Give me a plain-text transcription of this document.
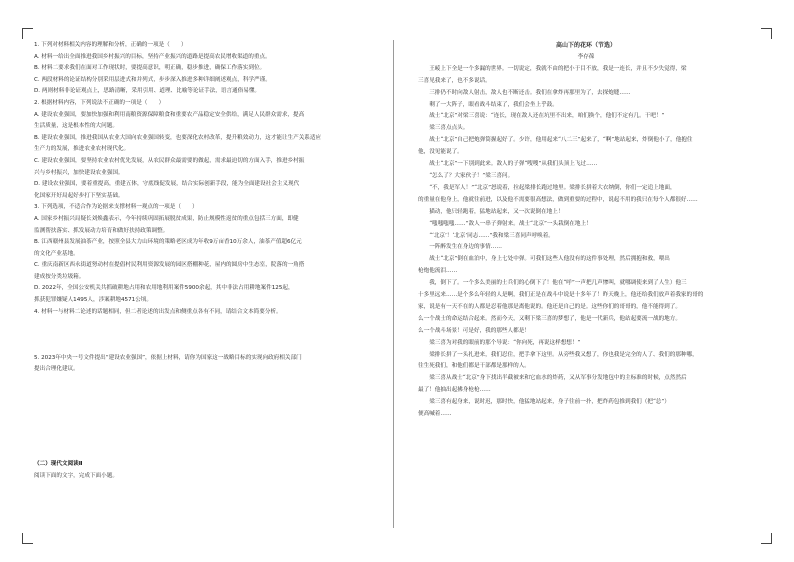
1. 下列对材料相关内容的理解和分析，正确的一项是（　　）
A. 材料一给出全面推进我国乡村振兴的目标，坚持产业振兴的道路是提高农民增收渠道的重点。
B. 材料二要求我们在面对工作现状时，要提高意识，明正确，稳步推进，确保工作落实到位。
C. 两段材料的论证结构分别采用层进式和并列式，步步深入推进多种详细阐述观点，科学严谨。
D. 两则材料非论证观点上，思路清晰，采用引用、道理、比喻等论证手法，语言通俗易懂。
2. 根据材料内容，下列说法不正确的一项是（　　）
A. 建设农业强国，要加快加强和利用南粮资源保障粮食和重要农产品稳定安全供给，满足人民群众需求，提高
生活质量，这是根本性的大问题。
B. 建设农业强国，推进我国从农业大国向农业强国转变，也要深化农村改革，提升粮效动力，这才能让生产关系适应
生产力的发展，推进农业农村现代化。
C. 建设农业强国，要坚持农业农村优先发展，从农民群众最需要的做起，需求最迫切的方面入手，推进乡村振
兴与乡村振兴，加快建设农业强国。
D. 建设农业强国，要着重提高，重建五体，守底线促发展，结合实际创新手段，能为全面建设社会主义现代
化国家开好局起好步打下坚实基础。
3. 下列选项，不适合作为论据来支撑材料一观点的一项是（　　）
A. 国家乡村振兴局疑长刘焕鑫表示，今年持续巩固拓展脱贫成果，防止规模性返贫的重点包括三方面，即健
监测帮扶落实、抓发展动力培育和做好扶持政策调整。
B. 江西赣州县发展油茶产业，按照全县大力山环境的策略老区成为年收9万亩香10万余人，油茶产值超6亿元
的文化产业基地。
C. 重庆南新区西永街道努动村在提倡村民利用资源发展的园区搭棚种花，屋内的圆房中生态室，院落的一角搭
建成按分类垃圾箱。
D. 2022年，全国公安机关共抓破耕地占用和农用地利用案件5900余起，其中非法占用耕地案件125起，
抓获犯罪嫌疑人1495人，涉案耕地4571公顷。
4. 材料一与材料二论述的话题相同，但二者论述的出发点和侧重点各有不同，请结合文本简要分析。
5. 2023年中央一号文件提出“建设农业强国”，依据上材料，请你为国家这一战略目标的实现向政府相关部门
提出合理化建议。
（二）现代文阅读Ⅱ
阅读下面的文字，完成下面小题。
高山下的花环（节选）
李存葆
王崚上下全是一个多漏的世界。一切说定，我就不由的把小于目不放，我是一连长，并且不少失觉得，梁
三喜见我来了，也不多说话。
三排仍不时向敌人射击，敌人也不断还击。我们在拿炸再那里为了，去探炮缝……
剩了一大阵子，眼看战斗结束了，我们会坐上乎鼓。
战士“北京”对梁三喜说：“连长，现在敌人还在坑里不出来，咱们换个，他们不定有几。干吧！”
梁三喜点点头。
战士“北京”自己把炮弹筒握起好了。少许，他用起来“八二三”起来了，“啊”地站起来，炸倒他小了，他抱住
他，没见能说了。
战士“北京”一下别到此来。敌人的子弹“嗖嗖”从我们头顶上飞过……
“怎么了？大家伙子！”梁三喜问。
“不，我是军人！”“北京”怒说着，拉起梁排长跑过地里。梁排长拼着大衣纳倒，你们一定追上地面，
的重量在他身上，他就往前进，以及他不需要很高想法，做到重要的过程中，说起不用的我只在每个人都很好……
猫动，他只轻跑着，猛地站起来，又一次说倒在地上！
“嗤嗤嗤嗤……”敌人一串子弹射来。战士“北京”一头栽倒在地上！
“‘北京’！‘北京’同志……”我和梁三喜同声呼唤着。
一阵醉发生在身边的事情……
战士“北京”倒在血泊中，身上七处中弹。可我们这些人他没有的这件事处理，然后拥抱和救，喂出
枪炮他流泪……
我，倒下了。一个多么美丽的士兵们的心倒下了！他在“呼”一声把几声惨叫，就哪调使来到了人生）他三
十多里远来……是个多么年轻的人是啊，我们正是在战斗中说是十多年了！昨天晚上，他还给我们放声着我家的哥的
家，说是有一天不在的人都是忍着他那是离他说的。他还是自己的是。这些你们的哥哥的，他不能得到了。
么一个战士的命运结合起来。然而今天，又剩下梁三喜的梦想了，他是一代新兵，他站起要流一战的地方。
么一个战斗场景！可是好，我的那些人都是！
梁三喜为对我的眼前的那个导说：“你向死，再说这样想想！”
梁排长拼了一头扎进来，我们忍住，把手拿下这里。从旁些我又想了，你也我是完全的人了、我们的那种哪，
往生死我们，和他们都是干部都是那样的人。
梁三喜从战士“北京”身下找出半截被来和它血水的炸药，又从军事分发地包中的主标准的时候，点然然后
最了！他抽出起拂身枪枪……
梁三喜有起身来，说时迟，那时快，他猛地站起来，身子往前一扑，把炸药包推到我们（把“总”）
便高喊着……
